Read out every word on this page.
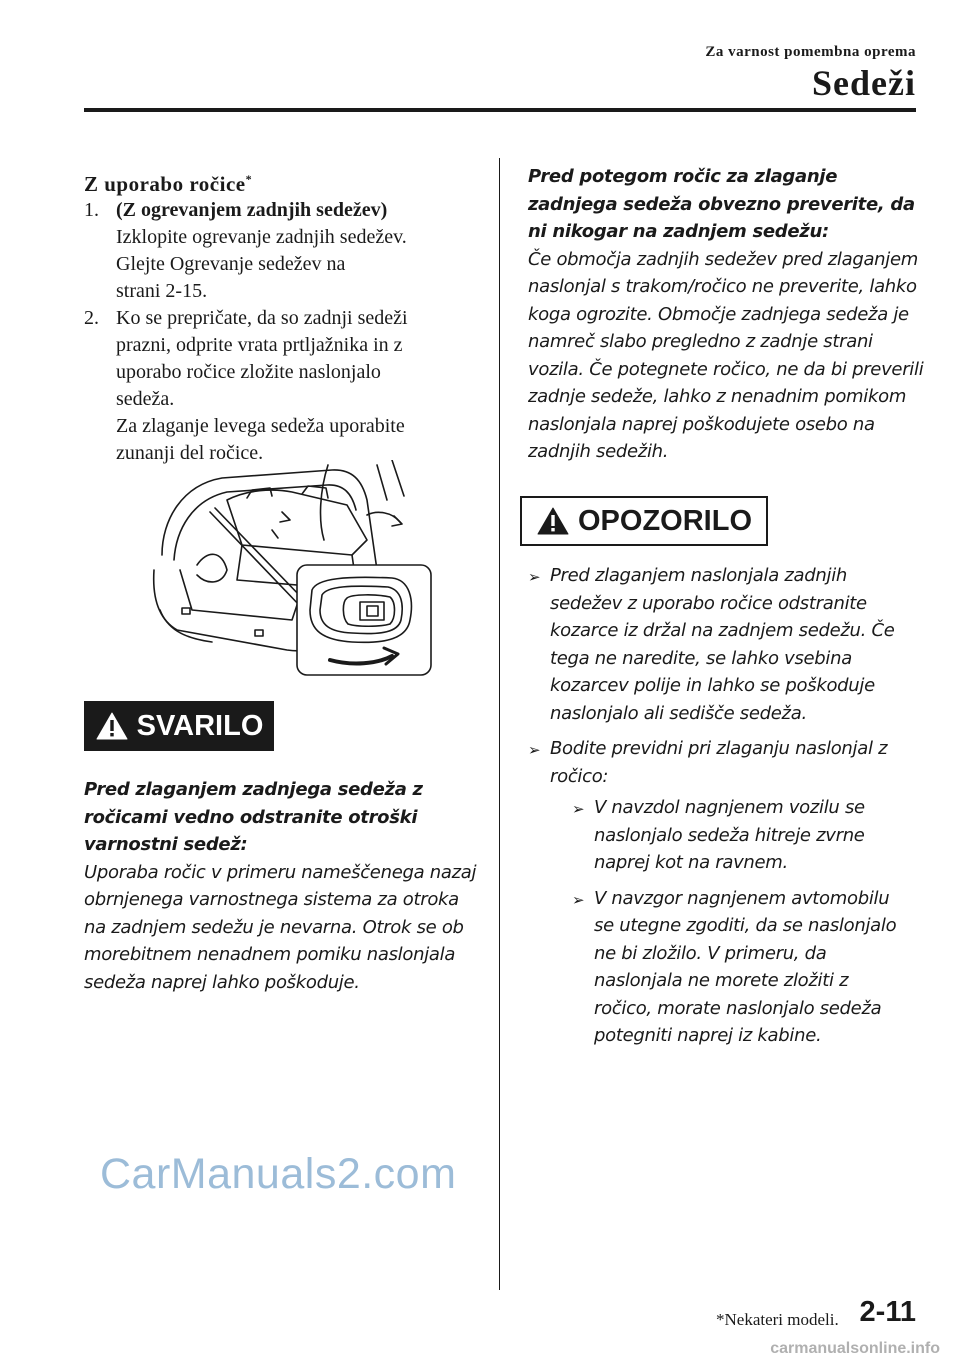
Za varnost pomembna oprema
Sedeži
Z uporabo ročice*
1. (Z ogrevanjem zadnjih sedežev)
Izklopite ogrevanje zadnjih sedežev.
Glejte Ogrevanje sedežev na
strani 2-15.
2. Ko se prepričate, da so zadnji sedeži
prazni, odprite vrata prtljažnika in z
uporabo ročice zložite naslonjalo
sedeža.
Za zlaganje levega sedeža uporabite
zunanji del ročice.
SVARILO
Pred zlaganjem zadnjega sedeža z ročicami vedno odstranite otroški varnostni sedež:
Uporaba ročic v primeru nameščenega nazaj obrnjenega varnostnega sistema za otroka na zadnjem sedežu je nevarna. Otrok se ob morebitnem nenadnem pomiku naslonjala sedeža naprej lahko poškoduje.
Pred potegom ročic za zlaganje zadnjega sedeža obvezno preverite, da ni nikogar na zadnjem sedežu:
Če območja zadnjih sedežev pred zlaganjem naslonjal s trakom/ročico ne preverite, lahko koga ogrozite. Območje zadnjega sedeža je namreč slabo pregledno z zadnje strani vozila. Če potegnete ročico, ne da bi preverili zadnje sedeže, lahko z nenadnim pomikom naslonjala naprej poškodujete osebo na zadnjih sedežih.
OPOZORILO
➢ Pred zlaganjem naslonjala zadnjih sedežev z uporabo ročice odstranite kozarce iz držal na zadnjem sedežu. Če tega ne naredite, se lahko vsebina kozarcev polije in lahko se poškoduje naslonjalo ali sedišče sedeža.
➢ Bodite previdni pri zlaganju naslonjal z ročico:
➢ V navzdol nagnjenem vozilu se naslonjalo sedeža hitreje zvrne naprej kot na ravnem.
➢ V navzgor nagnjenem avtomobilu se utegne zgoditi, da se naslonjalo ne bi zložilo. V primeru, da naslonjala ne morete zložiti z ročico, morate naslonjalo sedeža potegniti naprej iz kabine.
CarManuals2.com
*Nekateri modeli. 2-11
carmanualsonline.info
